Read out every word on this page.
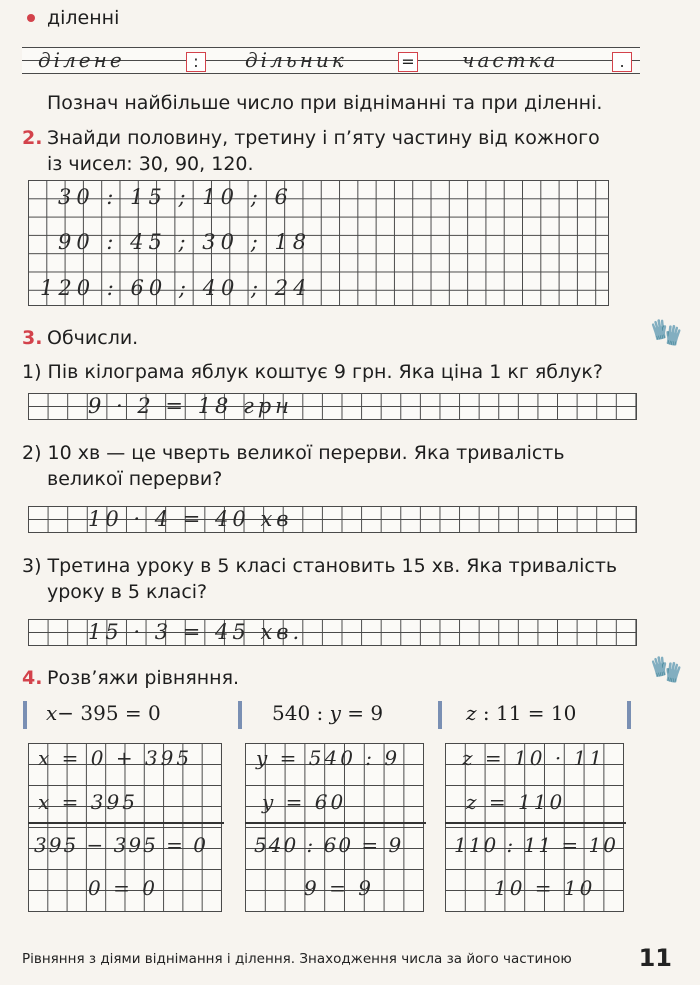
діленні
ділене	:	дільник	= частка	.
Познач найбільше число при відніманні та при діленні.
2. Знайди половину, третину і п’яту частину від кожного
із чисел: 30, 90, 120.
30 : 15 ; 10 ; 6
90 : 45 ; 30 ; 18
120 : 60 ; 40 ; 24
3. Обчисли.
1) Пів кілограма яблук коштує 9 грн. Яка ціна 1 кг яблук?
9 · 2 = 18 грн
2) 10 хв — це чверть великої перерви. Яка тривалість
великої перерви?
10 · 4 = 40 хв
3) Третина уроку в 5 класі становить 15 хв. Яка тривалість
уроку в 5 класі?
15 · 3 = 45 хв.
🧤
🧤
4. Розв’яжи рівняння.
x− 395 = 0	540 : y = 9	z : 11 = 10
x = 0 + 395
x = 395
395 − 395 = 0
0 = 0
y = 540 : 9
y = 60
540 : 60 = 9
9 = 9
z = 10 · 11
z = 110
110 : 11 = 10
10 = 10
Рівняння з діями віднімання і ділення. Знаходження числа за його частиною	11
